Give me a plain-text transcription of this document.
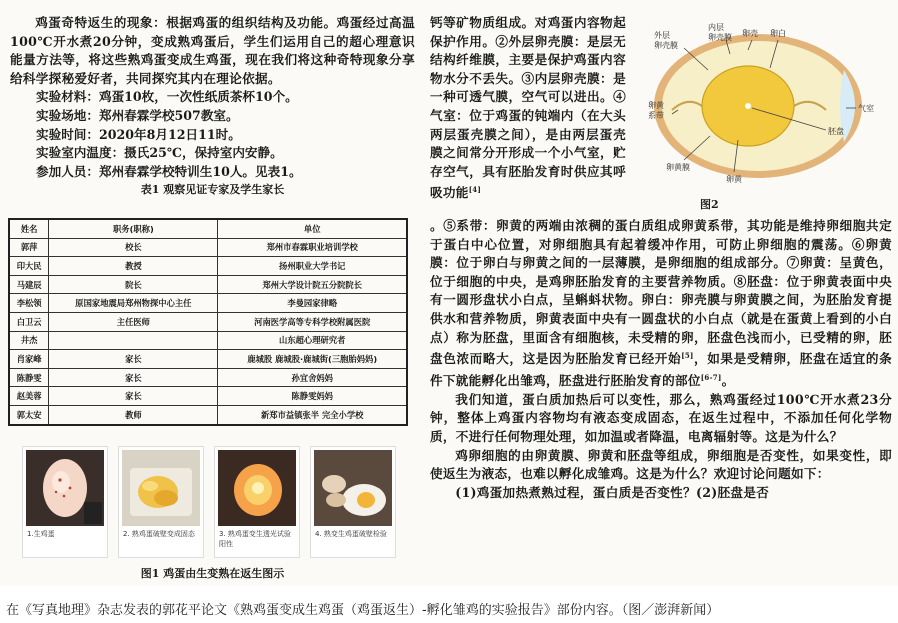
鸡蛋奇特返生的现象：根据鸡蛋的组织结构及功能。鸡蛋经过高温100℃开水煮20分钟，变成熟鸡蛋后，学生们运用自己的超心理意识能量方法等，将这些熟鸡蛋变成生鸡蛋，现在我们将这种奇特现象分享给科学探秘爱好者，共同探究其内在理论依据。

实验材料：鸡蛋10枚，一次性纸质茶杯10个。

实验场地：郑州春霖学校507教室。

实验时间：2020年8月12日11时。

实验室内温度：摄氏25℃，保持室内安静。

参加人员：郑州春霖学校特训生10人。见表1。

表1 观察见证专家及学生家长

姓名	职务(职称)	单位
郭萍	校长	郑州市春霖职业培训学校
印大民	教授	扬州职业大学书记
马建辰	院长	郑州大学设计院五分院院长
李松领	原国家地震局郑州物探中心主任	李曼园家律略
白卫云	主任医师	河南医学高等专科学校附属医院
井杰		山东超心理研究者
肖家峰	家长	鹿城股 鹿城股·鹿城街(三胞胎妈妈)
陈静雯	家长	孙宜舍妈妈
赵美蓉	家长	陈静雯妈妈
郭太安	教师	新郑市益镇张半 完全小学校
1.生鸡蛋	2. 熟鸡蛋破壁变成固态	3. 熟鸡蛋变生透光试验阳性
4. 熟变生鸡蛋破壁检验

图1 鸡蛋由生变熟在返生图示

钙等矿物质组成。对鸡蛋内容物起保护作用。②外层卵壳膜：是层无结构纤维膜，主要是保护鸡蛋内容物水分不丢失。③内层卵壳膜：是一种可透气膜，空气可以进出。④气室：位于鸡蛋的钝端内（在大头两层蛋壳膜之间），是由两层蛋壳膜之间常分开形成一个小气室，贮存空气，具有胚胎发育时供应其呼吸功能[4]

外层
卵壳膜
内层
卵壳膜 卵壳 卵白
气室
胚盘
卵黄
系带
卵黄膜
卵黄
图2

。⑤系带：卵黄的两端由浓稠的蛋白质组成卵黄系带，其功能是维持卵细胞共定于蛋白中心位置，对卵细胞具有起着缓冲作用，可防止卵细胞的震荡。⑥卵黄膜：位于卵白与卵黄之间的一层薄膜，是卵细胞的组成部分。⑦卵黄：呈黄色，位于细胞的中央，是鸡卵胚胎发育的主要营养物质。⑧胚盘：位于卵黄表面中央有一圆形盘状小白点，呈蝌蚪状物。卵白：卵壳膜与卵黄膜之间，为胚胎发育提供水和营养物质，卵黄表面中央有一圆盘状的小白点（就是在蛋黄上看到的小白点）称为胚盘，里面含有细胞核，未受精的卵，胚盘色浅而小，已受精的卵，胚盘色浓而略大，这是因为胚胎发育已经开始[5]，如果是受精卵，胚盘在适宜的条件下就能孵化出雏鸡，胚盘进行胚胎发育的部位[6-7]。

我们知道，蛋白质加热后可以变性，那么，熟鸡蛋经过100℃开水煮23分钟，整体上鸡蛋内容物均有液态变成固态，在返生过程中，不添加任何化学物质，不进行任何物理处理，如加温或者降温，电离辐射等。这是为什么？

鸡卵细胞的由卵黄膜、卵黄和胚盘等组成，卵细胞是否变性，如果变性，即使返生为液态，也难以孵化成雏鸡。这是为什么？欢迎讨论问题如下：

(1)鸡蛋加热煮熟过程，蛋白质是否变性？(2)胚盘是否

在《写真地理》杂志发表的郭花平论文《熟鸡蛋变成生鸡蛋（鸡蛋返生）-孵化雏鸡的实验报告》部份内容。（图／澎湃新闻）
